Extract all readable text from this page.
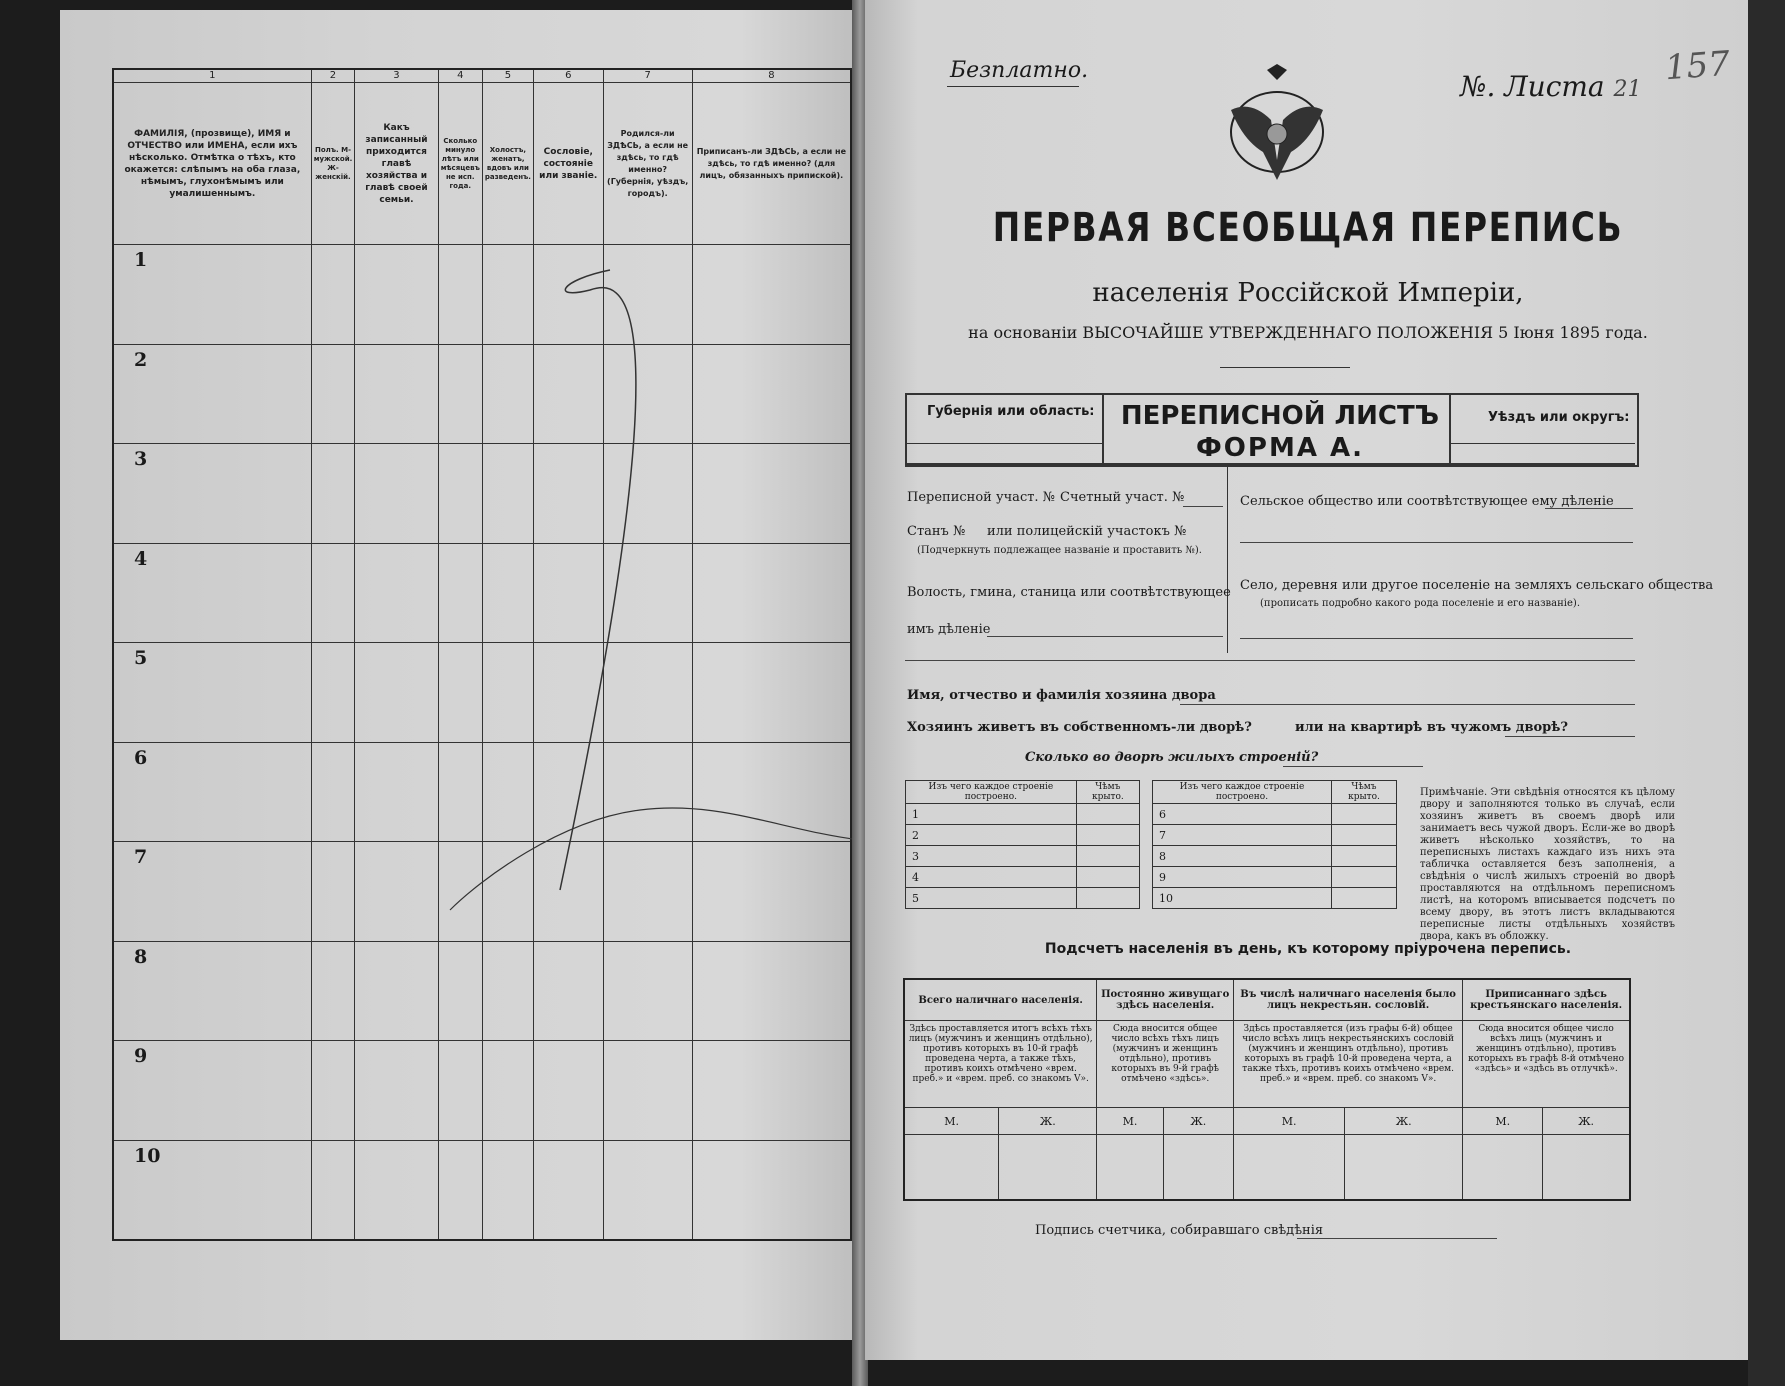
1	2	3	4	5	6	7	8
ФАМИЛІЯ, (прозвище), ИМЯ и ОТЧЕСТВО или ИМЕНА, если ихъ нѣсколько. Отмѣтка о тѣхъ, кто окажется: слѣпымъ на оба глаза, нѣмымъ, глухонѣмымъ или умалишеннымъ.	Полъ. М-мужской. Ж-женскій.	Какъ записанный приходится главѣ хозяйства и главѣ своей семьи.	Сколько минуло лѣтъ или мѣсяцевъ не исп. года.	Холостъ, женатъ, вдовъ или разведенъ.	Сословіе, состояніе или званіе.	Родился-ли ЗДѢСЬ, а если не здѣсь, то гдѣ именно? (Губернія, уѣздъ, городъ).	Приписанъ-ли ЗДѢСЬ, а если не здѣсь, то гдѣ именно? (для лицъ, обязанныхъ припиской).
1							
2							
3							
4							
5							
6							
7							
8							
9							
10							
Безплатно.	№. Листа 21
157
ПЕРВАЯ ВСЕОБЩАЯ ПЕРЕПИСЬ
населенія Россійской Имперіи,
на основаніи ВЫСОЧАЙШЕ УТВЕРЖДЕННАГО ПОЛОЖЕНІЯ 5 Іюня 1895 года.
Губернія или область: ПЕРЕПИСНОЙ ЛИСТЪ
ФОРМА А.
Уѣздъ или округъ:
Переписной участ. № Счетный участ. №
Станъ № или полицейскій участокъ №
(Подчеркнуть подлежащее названіе и проставить №).
Волость, гмина, станица или соотвѣтствующее
имъ дѣленіе
Сельское общество или соотвѣтствующее ему дѣленіе
Село, деревня или другое поселеніе на земляхъ сельскаго общества
(прописать подробно какого рода поселеніе и его названіе).
Имя, отчество и фамилія хозяина двора
Хозяинъ живетъ въ собственномъ-ли дворѣ?	или на квартирѣ въ чужомъ дворѣ?
Сколько во дворѣ жилыхъ строеній?
Изъ чего каждое строеніе построено.	Чѣмъ крыто.
1	
2	
3	
4	
5	
Изъ чего каждое строеніе построено.	Чѣмъ крыто.
6	
7	
8	
9	
10	
Примѣчаніе. Эти свѣдѣнія относятся къ цѣлому двору и заполняются только въ случаѣ, если хозяинъ живетъ въ своемъ дворѣ или занимаетъ весь чужой дворъ. Если-же во дворѣ живетъ нѣсколько хозяйствъ, то на переписныхъ листахъ каждаго изъ нихъ эта табличка оставляется безъ заполненія, а свѣдѣнія о числѣ жилыхъ строеній во дворѣ проставляются на отдѣльномъ переписномъ листѣ, на которомъ вписывается подсчетъ по всему двору, въ этотъ листъ вкладываются переписные листы отдѣльныхъ хозяйствъ двора, какъ въ обложку.
Подсчетъ населенія въ день, къ которому пріурочена перепись.
Всего наличнаго населенія.		Постоянно живущаго здѣсь населенія.		Въ числѣ наличнаго населенія было лицъ некрестьян. сословій.		Приписаннаго здѣсь крестьянскаго населенія.	
Здѣсь проставляется итогъ всѣхъ тѣхъ лицъ (мужчинъ и женщинъ отдѣльно), противъ которыхъ въ 10-й графѣ проведена черта, а также тѣхъ, противъ коихъ отмѣчено «врем. преб.» и «врем. преб. со знакомъ V».		Сюда вносится общее число всѣхъ тѣхъ лицъ (мужчинъ и женщинъ отдѣльно), противъ которыхъ въ 9-й графѣ отмѣчено «здѣсь».		Здѣсь проставляется (изъ графы 6-й) общее число всѣхъ лицъ некрестьянскихъ сословій (мужчинъ и женщинъ отдѣльно), противъ которыхъ въ графѣ 10-й проведена черта, а также тѣхъ, противъ коихъ отмѣчено «врем. преб.» и «врем. преб. со знакомъ V».		Сюда вносится общее число всѣхъ лицъ (мужчинъ и женщинъ отдѣльно), противъ которыхъ въ графѣ 8-й отмѣчено «здѣсь» и «здѣсь въ отлучкѣ».	
М.	Ж.	М.	Ж.	М.	Ж.	М.	Ж.

Подпись счетчика, собиравшаго свѣдѣнія
